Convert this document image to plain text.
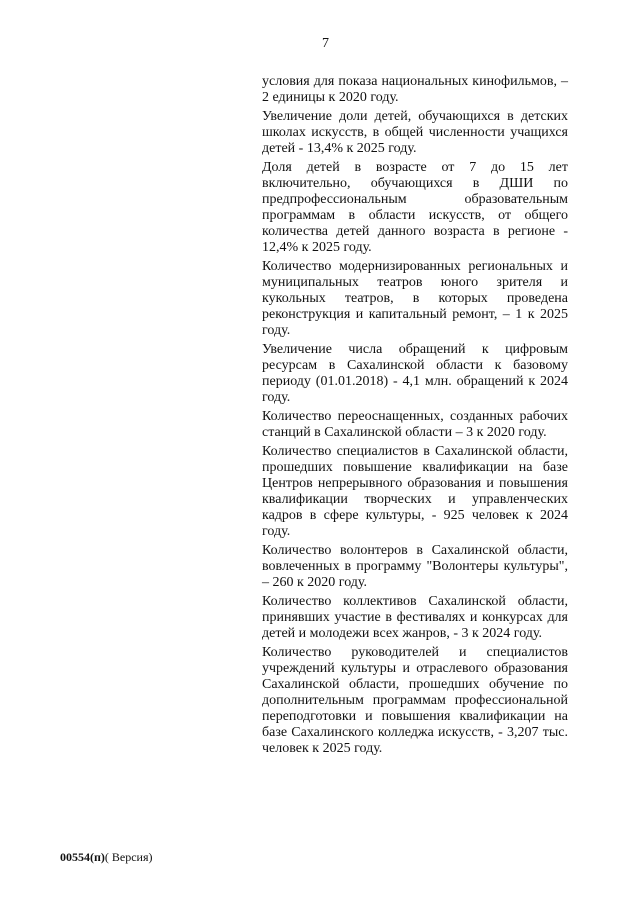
7

условия для показа национальных кинофильмов, – 2 единицы к 2020 году.

Увеличение доли детей, обучающихся в детских школах искусств, в общей численности учащихся детей - 13,4% к 2025 году.

Доля детей в возрасте от 7 до 15 лет включительно, обучающихся в ДШИ по предпрофессиональным образовательным программам в области искусств, от общего количества детей данного возраста в регионе - 12,4% к 2025 году.

Количество модернизированных региональных и муниципальных театров юного зрителя и кукольных театров, в которых проведена реконструкция и капитальный ремонт, – 1 к 2025 году.

Увеличение числа обращений к цифровым ресурсам в Сахалинской области к базовому периоду (01.01.2018) - 4,1 млн. обращений к 2024 году.

Количество переоснащенных, созданных рабочих станций в Сахалинской области – 3 к 2020 году.

Количество специалистов в Сахалинской области, прошедших повышение квалификации на базе Центров непрерывного образования и повышения квалификации творческих и управленческих кадров в сфере культуры, - 925 человек к 2024 году.

Количество волонтеров в Сахалинской области, вовлеченных в программу "Волонтеры культуры", – 260 к 2020 году.

Количество коллективов Сахалинской области, принявших участие в фестивалях и конкурсах для детей и молодежи всех жанров, - 3 к 2024 году.

Количество руководителей и специалистов учреждений культуры и отраслевого образования Сахалинской области, прошедших обучение по дополнительным программам профессиональной переподготовки и повышения квалификации на базе Сахалинского колледжа искусств, - 3,207 тыс. человек к 2025 году.

00554(п)( Версия)
